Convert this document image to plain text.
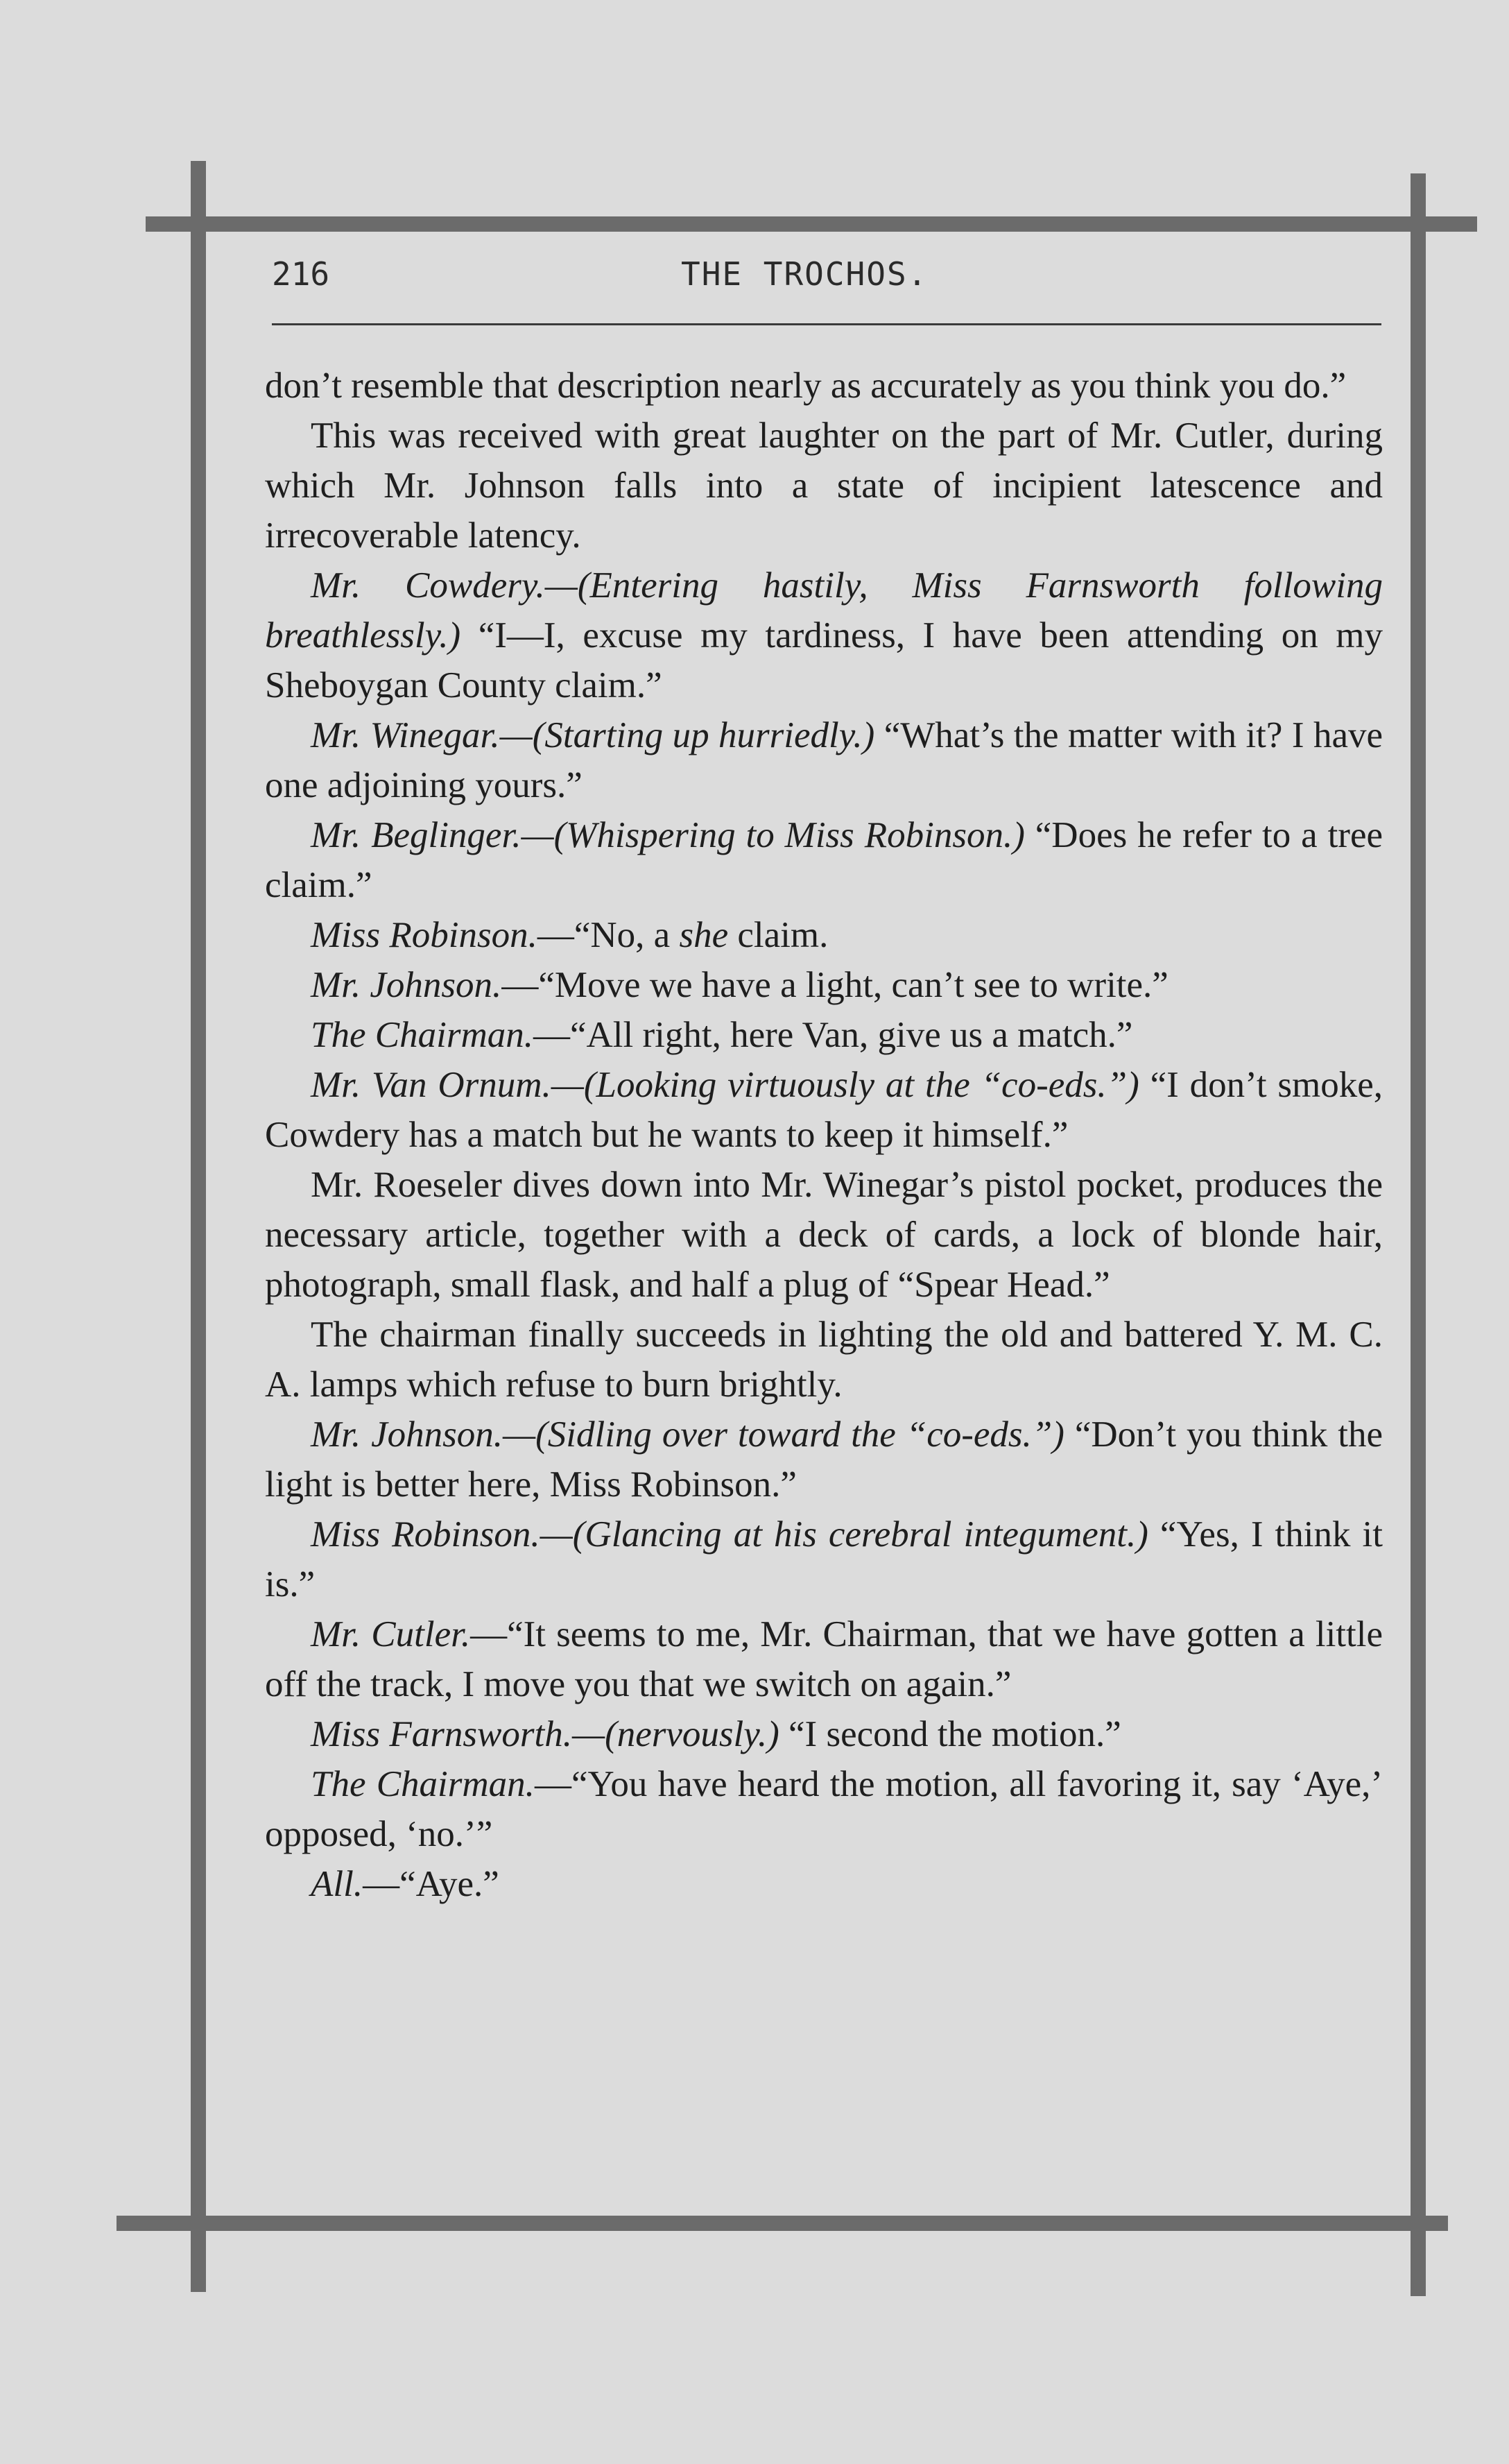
216	THE TROCHOS.

don’t resemble that description nearly as accurately as you think you do.”

This was received with great laughter on the part of Mr. Cutler, during which Mr. Johnson falls into a state of incipient latescence and irrecoverable latency.

Mr. Cowdery.—(Entering hastily, Miss Farnsworth following breathlessly.) “I—I, excuse my tardiness, I have been attending on my Sheboygan County claim.”

Mr. Winegar.—(Starting up hurriedly.) “What’s the matter with it? I have one adjoining yours.”

Mr. Beglinger.—(Whispering to Miss Robinson.) “Does he refer to a tree claim.”

Miss Robinson.—“No, a she claim.

Mr. Johnson.—“Move we have a light, can’t see to write.”

The Chairman.—“All right, here Van, give us a match.”

Mr. Van Ornum.—(Looking virtuously at the “co-eds.”) “I don’t smoke, Cowdery has a match but he wants to keep it himself.”

Mr. Roeseler dives down into Mr. Winegar’s pistol pocket, produces the necessary article, together with a deck of cards, a lock of blonde hair, photograph, small flask, and half a plug of “Spear Head.”

The chairman finally succeeds in lighting the old and battered Y. M. C. A. lamps which refuse to burn brightly.

Mr. Johnson.—(Sidling over toward the “co-eds.”) “Don’t you think the light is better here, Miss Robinson.”

Miss Robinson.—(Glancing at his cerebral integument.) “Yes, I think it is.”

Mr. Cutler.—“It seems to me, Mr. Chairman, that we have gotten a little off the track, I move you that we switch on again.”

Miss Farnsworth.—(nervously.) “I second the motion.”

The Chairman.—“You have heard the motion, all favoring it, say ‘Aye,’ opposed, ‘no.’”

All.—“Aye.”
